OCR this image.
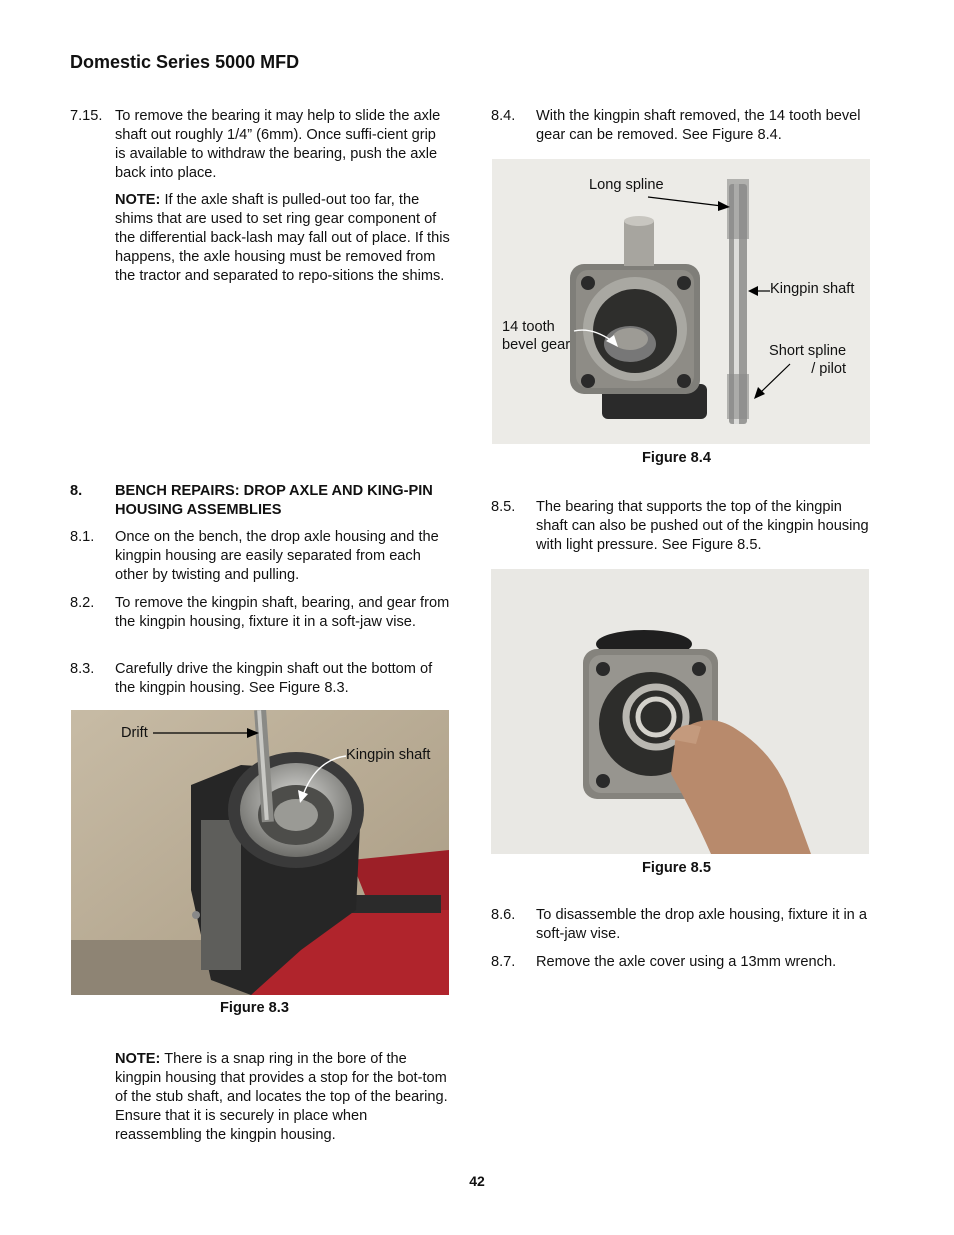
Domestic Series 5000 MFD
7.15. To remove the bearing it may help to slide the axle shaft out roughly 1/4” (6mm). Once suffi-cient grip is available to withdraw the bearing, push the axle back into place.
NOTE: If the axle shaft is pulled-out too far, the shims that are used to set ring gear component of the differential back-lash may fall out of place. If this happens, the axle housing must be removed from the tractor and separated to repo-sitions the shims.
8. BENCH REPAIRS: DROP AXLE AND KING-PIN HOUSING ASSEMBLIES
8.1. Once on the bench, the drop axle housing and the kingpin housing are easily separated from each other by twisting and pulling.
8.2. To remove the kingpin shaft, bearing, and gear from the kingpin housing, fixture it in a soft-jaw vise.
8.3. Carefully drive the kingpin shaft out the bottom of the kingpin housing. See Figure 8.3.
Drift
Kingpin shaft
Figure 8.3
NOTE: There is a snap ring in the bore of the kingpin housing that provides a stop for the bot-tom of the stub shaft, and locates the top of the bearing. Ensure that it is securely in place when reassembling the kingpin housing.
8.4. With the kingpin shaft removed, the 14 tooth bevel gear can be removed. See Figure 8.4.
8.5. The bearing that supports the top of the kingpin shaft can also be pushed out of the kingpin housing with light pressure. See Figure 8.5.
8.6. To disassemble the drop axle housing, fixture it in a soft-jaw vise.
8.7. Remove the axle cover using a 13mm wrench.
Long spline
Kingpin shaft
14 tooth
bevel gear	Short spline
/ pilot
Figure 8.4
Figure 8.5
42
